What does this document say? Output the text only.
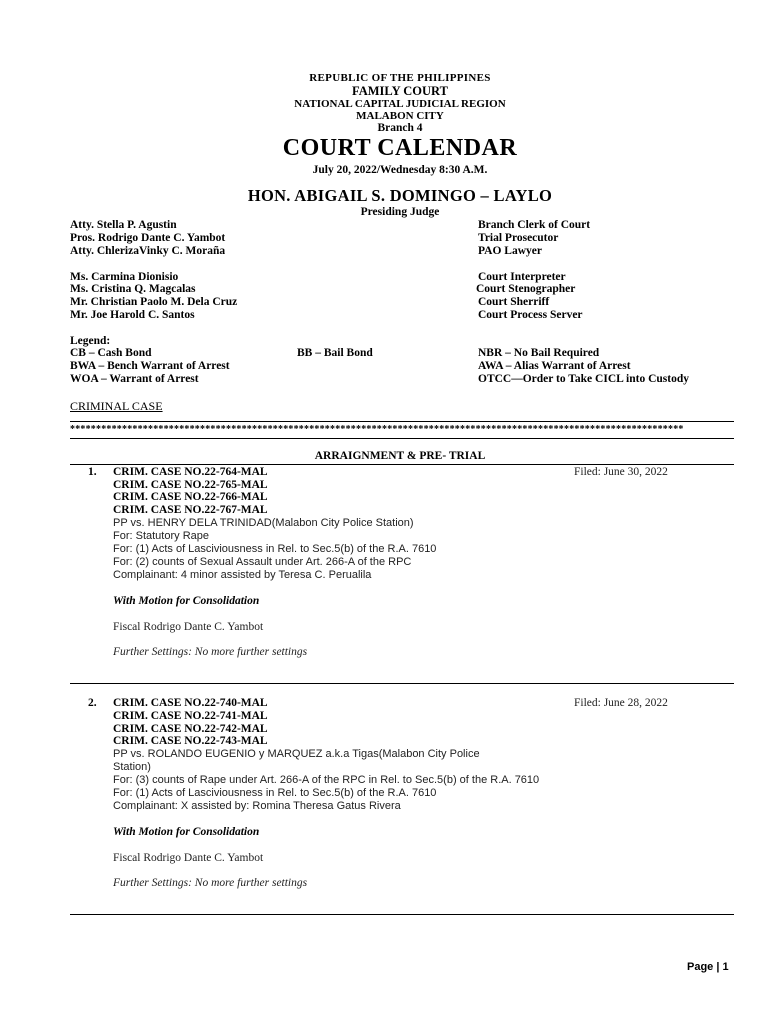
REPUBLIC OF THE PHILIPPINES
FAMILY COURT
NATIONAL CAPITAL JUDICIAL REGION
MALABON CITY
Branch 4
COURT CALENDAR
July 20, 2022/Wednesday 8:30 A.M.
HON. ABIGAIL S. DOMINGO – LAYLO
Presiding Judge
Atty. Stella P. Agustin	Branch Clerk of Court
Pros. Rodrigo Dante C. Yambot	Trial Prosecutor
Atty. ChlerizaVinky C. Moraña	PAO Lawyer
Ms. Carmina Dionisio	Court Interpreter
Ms. Cristina Q. Magcalas	Court Stenographer
Mr. Christian Paolo M. Dela Cruz	Court Sherriff
Mr. Joe Harold C. Santos	Court Process Server
Legend:
CB – Cash Bond	BB – Bail Bond	NBR – No Bail Required
BWA – Bench Warrant of Arrest	AWA – Alias Warrant of Arrest
WOA – Warrant of Arrest	OTCC—Order to Take CICL into Custody
CRIMINAL CASE
**********************************************************************************************************************
ARRAIGNMENT & PRE- TRIAL
1. CRIM. CASE NO.22-764-MAL	Filed: June 30, 2022
CRIM. CASE NO.22-765-MAL
CRIM. CASE NO.22-766-MAL
CRIM. CASE NO.22-767-MAL
PP vs. HENRY DELA TRINIDAD(Malabon City Police Station)
For: Statutory Rape
For: (1) Acts of Lasciviousness in Rel. to Sec.5(b) of the R.A. 7610
For: (2) counts of Sexual Assault under Art. 266-A of the RPC
Complainant: 4 minor assisted by Teresa C. Perualila
With Motion for Consolidation
Fiscal Rodrigo Dante C. Yambot
Further Settings: No more further settings
2. CRIM. CASE NO.22-740-MAL	Filed: June 28, 2022
CRIM. CASE NO.22-741-MAL
CRIM. CASE NO.22-742-MAL
CRIM. CASE NO.22-743-MAL
PP vs. ROLANDO EUGENIO y MARQUEZ a.k.a Tigas(Malabon City Police
Station)
For: (3) counts of Rape under Art. 266-A of the RPC in Rel. to Sec.5(b) of the R.A. 7610
For: (1) Acts of Lasciviousness in Rel. to Sec.5(b) of the R.A. 7610
Complainant: X assisted by: Romina Theresa Gatus Rivera
With Motion for Consolidation
Fiscal Rodrigo Dante C. Yambot
Further Settings: No more further settings
Page | 1
